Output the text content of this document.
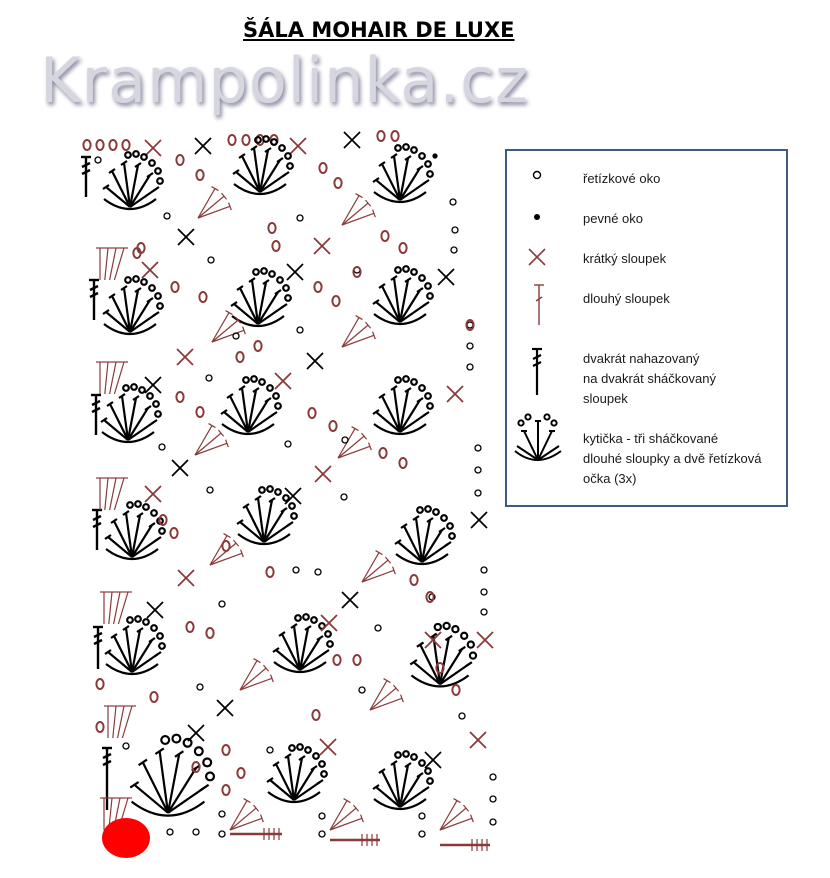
ŠÁLA MOHAIR DE LUXE
Krampolinka.cz
řetízkové oko
pevné oko
krátký sloupek
dlouhý sloupek
dvakrát nahazovaný
na dvakrát sháčkovaný
sloupek
kytička - tři sháčkované
dlouhé sloupky a dvě řetízková
očka (3x)
